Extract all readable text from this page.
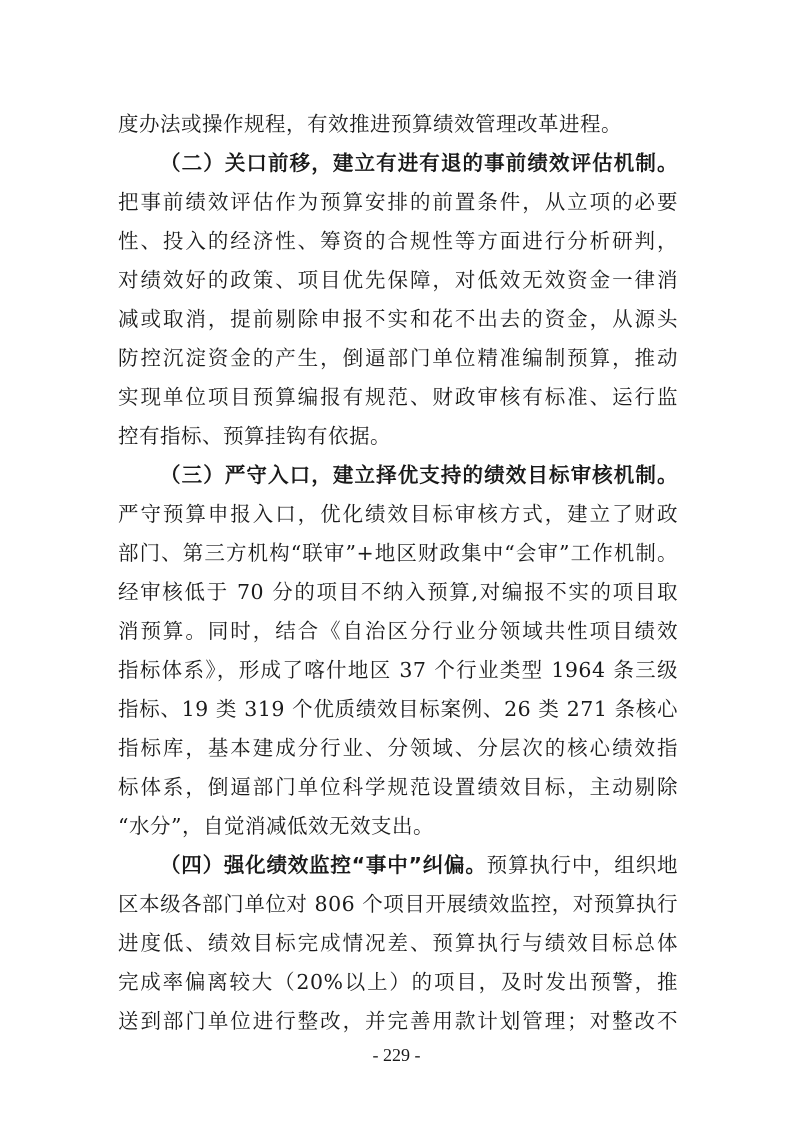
度办法或操作规程，有效推进预算绩效管理改革进程。
（二）关口前移，建立有进有退的事前绩效评估机制。
把事前绩效评估作为预算安排的前置条件，从立项的必要
性、投入的经济性、筹资的合规性等方面进行分析研判，
对绩效好的政策、项目优先保障，对低效无效资金一律消
减或取消，提前剔除申报不实和花不出去的资金，从源头
防控沉淀资金的产生，倒逼部门单位精准编制预算，推动
实现单位项目预算编报有规范、财政审核有标准、运行监
控有指标、预算挂钩有依据。
（三）严守入口，建立择优支持的绩效目标审核机制。
严守预算申报入口，优化绩效目标审核方式，建立了财政
部门、第三方机构“联审”+地区财政集中“会审”工作机制。
经审核低于 70 分的项目不纳入预算,对编报不实的项目取
消预算。同时，结合《自治区分行业分领域共性项目绩效
指标体系》，形成了喀什地区 37 个行业类型 1964 条三级
指标、19 类 319 个优质绩效目标案例、26 类 271 条核心
指标库，基本建成分行业、分领域、分层次的核心绩效指
标体系，倒逼部门单位科学规范设置绩效目标，主动剔除
“水分”，自觉消减低效无效支出。
（四）强化绩效监控“事中”纠偏。预算执行中，组织地
区本级各部门单位对 806 个项目开展绩效监控，对预算执行
进度低、绩效目标完成情况差、预算执行与绩效目标总体
完成率偏离较大（20%以上）的项目，及时发出预警，推
送到部门单位进行整改，并完善用款计划管理；对整改不
- 229 -
